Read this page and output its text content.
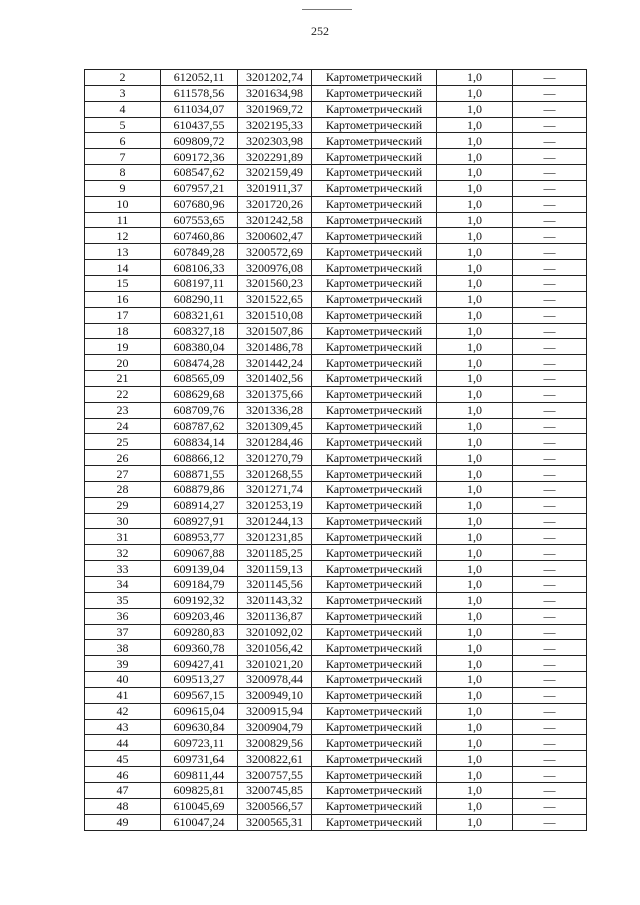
252
2	612052,11	3201202,74	Картометрический	1,0	—
3	611578,56	3201634,98	Картометрический	1,0	—
4	611034,07	3201969,72	Картометрический	1,0	—
5	610437,55	3202195,33	Картометрический	1,0	—
6	609809,72	3202303,98	Картометрический	1,0	—
7	609172,36	3202291,89	Картометрический	1,0	—
8	608547,62	3202159,49	Картометрический	1,0	—
9	607957,21	3201911,37	Картометрический	1,0	—
10	607680,96	3201720,26	Картометрический	1,0	—
11	607553,65	3201242,58	Картометрический	1,0	—
12	607460,86	3200602,47	Картометрический	1,0	—
13	607849,28	3200572,69	Картометрический	1,0	—
14	608106,33	3200976,08	Картометрический	1,0	—
15	608197,11	3201560,23	Картометрический	1,0	—
16	608290,11	3201522,65	Картометрический	1,0	—
17	608321,61	3201510,08	Картометрический	1,0	—
18	608327,18	3201507,86	Картометрический	1,0	—
19	608380,04	3201486,78	Картометрический	1,0	—
20	608474,28	3201442,24	Картометрический	1,0	—
21	608565,09	3201402,56	Картометрический	1,0	—
22	608629,68	3201375,66	Картометрический	1,0	—
23	608709,76	3201336,28	Картометрический	1,0	—
24	608787,62	3201309,45	Картометрический	1,0	—
25	608834,14	3201284,46	Картометрический	1,0	—
26	608866,12	3201270,79	Картометрический	1,0	—
27	608871,55	3201268,55	Картометрический	1,0	—
28	608879,86	3201271,74	Картометрический	1,0	—
29	608914,27	3201253,19	Картометрический	1,0	—
30	608927,91	3201244,13	Картометрический	1,0	—
31	608953,77	3201231,85	Картометрический	1,0	—
32	609067,88	3201185,25	Картометрический	1,0	—
33	609139,04	3201159,13	Картометрический	1,0	—
34	609184,79	3201145,56	Картометрический	1,0	—
35	609192,32	3201143,32	Картометрический	1,0	—
36	609203,46	3201136,87	Картометрический	1,0	—
37	609280,83	3201092,02	Картометрический	1,0	—
38	609360,78	3201056,42	Картометрический	1,0	—
39	609427,41	3201021,20	Картометрический	1,0	—
40	609513,27	3200978,44	Картометрический	1,0	—
41	609567,15	3200949,10	Картометрический	1,0	—
42	609615,04	3200915,94	Картометрический	1,0	—
43	609630,84	3200904,79	Картометрический	1,0	—
44	609723,11	3200829,56	Картометрический	1,0	—
45	609731,64	3200822,61	Картометрический	1,0	—
46	609811,44	3200757,55	Картометрический	1,0	—
47	609825,81	3200745,85	Картометрический	1,0	—
48	610045,69	3200566,57	Картометрический	1,0	—
49	610047,24	3200565,31	Картометрический	1,0	—
